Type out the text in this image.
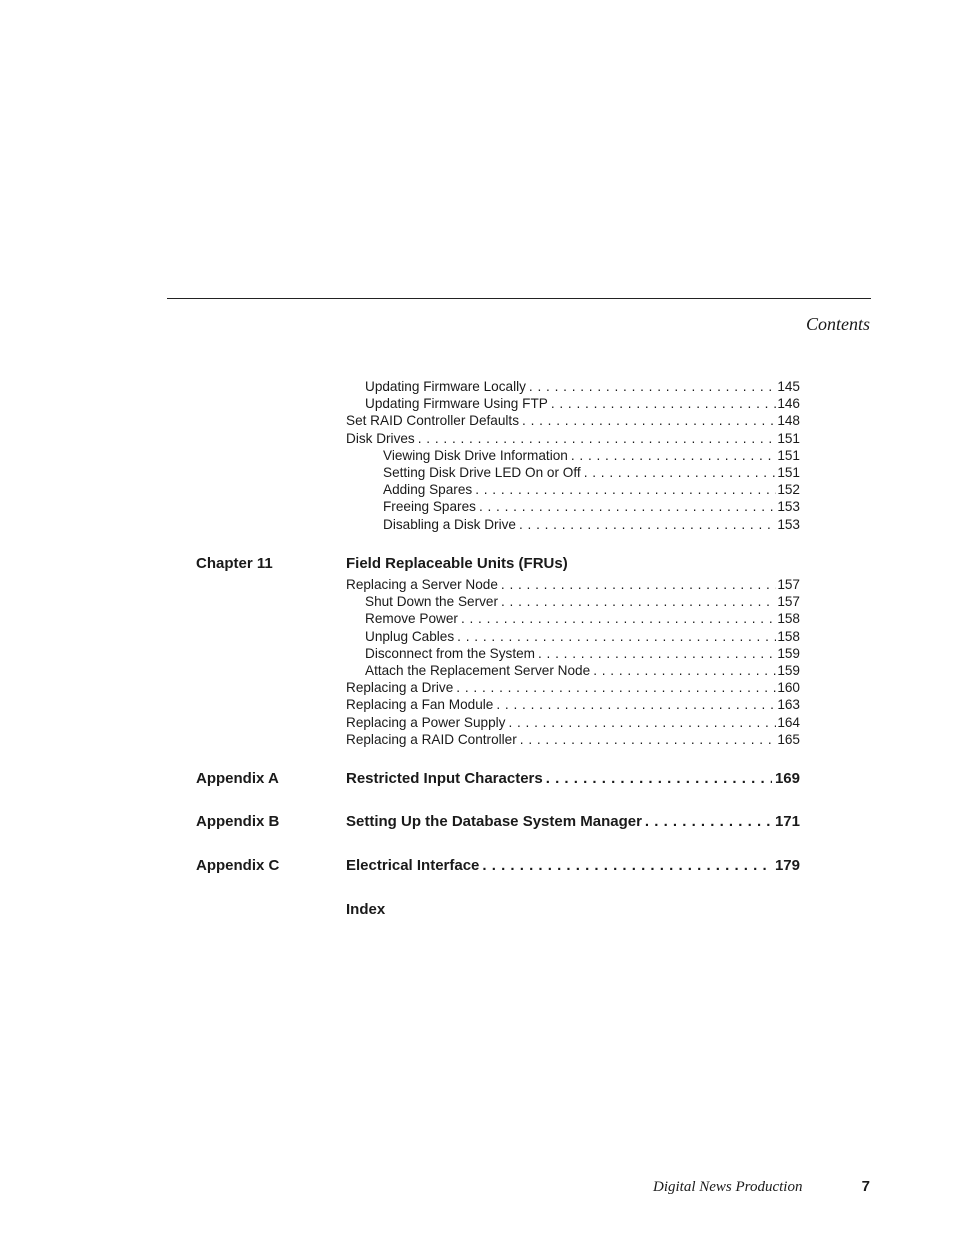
Contents
Updating Firmware Locally . . .	145
Updating Firmware Using FTP . . .	146
Set RAID Controller Defaults . . .	148
Disk Drives . . .	151
Viewing Disk Drive Information . . .	151
Setting Disk Drive LED On or Off . . .	151
Adding Spares . . .	152
Freeing Spares . . .	153
Disabling a Disk Drive . . .	153
Chapter 11	Field Replaceable Units (FRUs)
Replacing a Server Node . . .	157
Shut Down the Server . . .	157
Remove Power . . .	158
Unplug Cables . . .	158
Disconnect from the System . . .	159
Attach the Replacement Server Node . . .	159
Replacing a Drive . . .	160
Replacing a Fan Module . . .	163
Replacing a Power Supply . . .	164
Replacing a RAID Controller . . .	165
Appendix A	Restricted Input Characters . . .	169
Appendix B	Setting Up the Database System Manager . . .	171
Appendix C	Electrical Interface . . .	179
Index
Digital News Production	7
